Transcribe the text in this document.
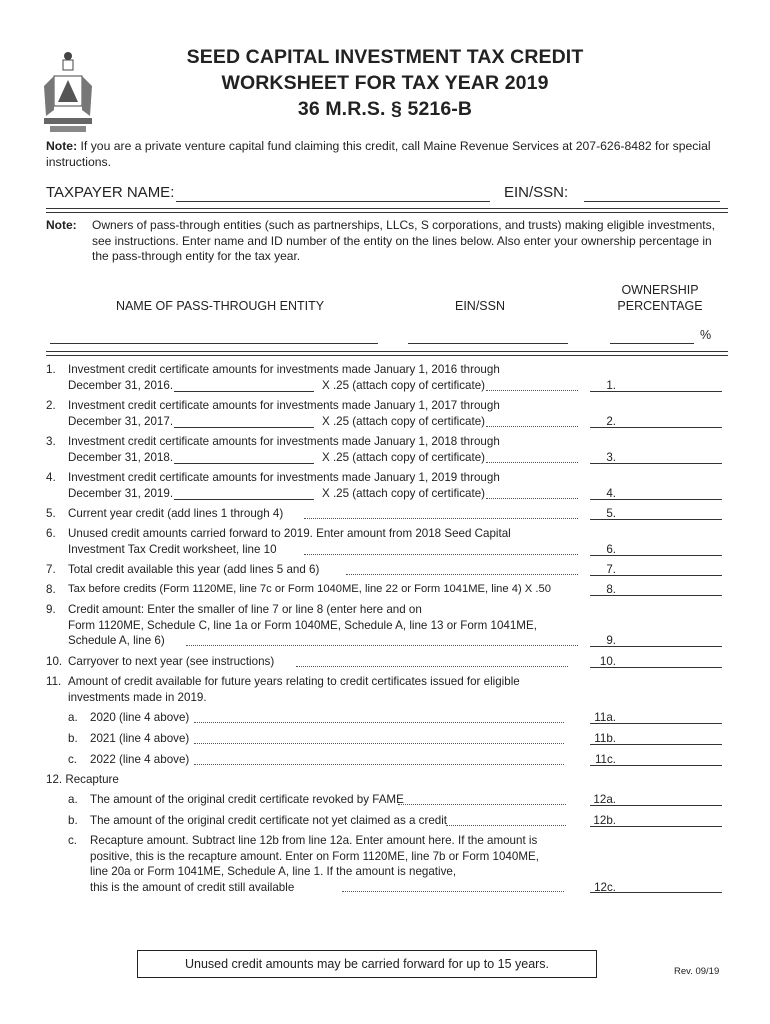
SEED CAPITAL INVESTMENT TAX CREDIT
WORKSHEET FOR TAX YEAR 2019
36 M.R.S. § 5216-B
Note: If you are a private venture capital fund claiming this credit, call Maine Revenue Services at 207-626-8482 for special instructions.
TAXPAYER NAME:	EIN/SSN:
Note: Owners of pass-through entities (such as partnerships, LLCs, S corporations, and trusts) making eligible investments, see instructions. Enter name and ID number of the entity on the lines below. Also enter your ownership percentage in the pass-through entity for the tax year.
OWNERSHIP
PERCENTAGE
NAME OF PASS-THROUGH ENTITY	EIN/SSN
%
1. Investment credit certificate amounts for investments made January 1, 2016 through
December 31, 2016.	X .25 (attach copy of certificate)	1.
2. Investment credit certificate amounts for investments made January 1, 2017 through
December 31, 2017.	X .25 (attach copy of certificate)	2.
3. Investment credit certificate amounts for investments made January 1, 2018 through
December 31, 2018.	X .25 (attach copy of certificate)	3.
4. Investment credit certificate amounts for investments made January 1, 2019 through
December 31, 2019.	X .25 (attach copy of certificate)	4.
5. Current year credit (add lines 1 through 4)	5.
6. Unused credit amounts carried forward to 2019. Enter amount from 2018 Seed Capital
Investment Tax Credit worksheet, line 10	6.
7. Total credit available this year (add lines 5 and 6)	7.
8. Tax before credits (Form 1120ME, line 7c or Form 1040ME, line 22 or Form 1041ME, line 4) X .50	8.
9. Credit amount: Enter the smaller of line 7 or line 8 (enter here and on
Form 1120ME, Schedule C, line 1a or Form 1040ME, Schedule A, line 13 or Form 1041ME,
Schedule A, line 6)	9.
10. Carryover to next year (see instructions)	10.
11. Amount of credit available for future years relating to credit certificates issued for eligible
investments made in 2019.
a. 2020 (line 4 above)	11a.
b. 2021 (line 4 above)	11b.
c. 2022 (line 4 above)	11c.
12. Recapture
a. The amount of the original credit certificate revoked by FAME	12a.
b. The amount of the original credit certificate not yet claimed as a credit	12b.
c. Recapture amount. Subtract line 12b from line 12a. Enter amount here. If the amount is
positive, this is the recapture amount. Enter on Form 1120ME, line 7b or Form 1040ME,
line 20a or Form 1041ME, Schedule A, line 1. If the amount is negative,
this is the amount of credit still available	12c.
Unused credit amounts may be carried forward for up to 15 years.
Rev. 09/19
